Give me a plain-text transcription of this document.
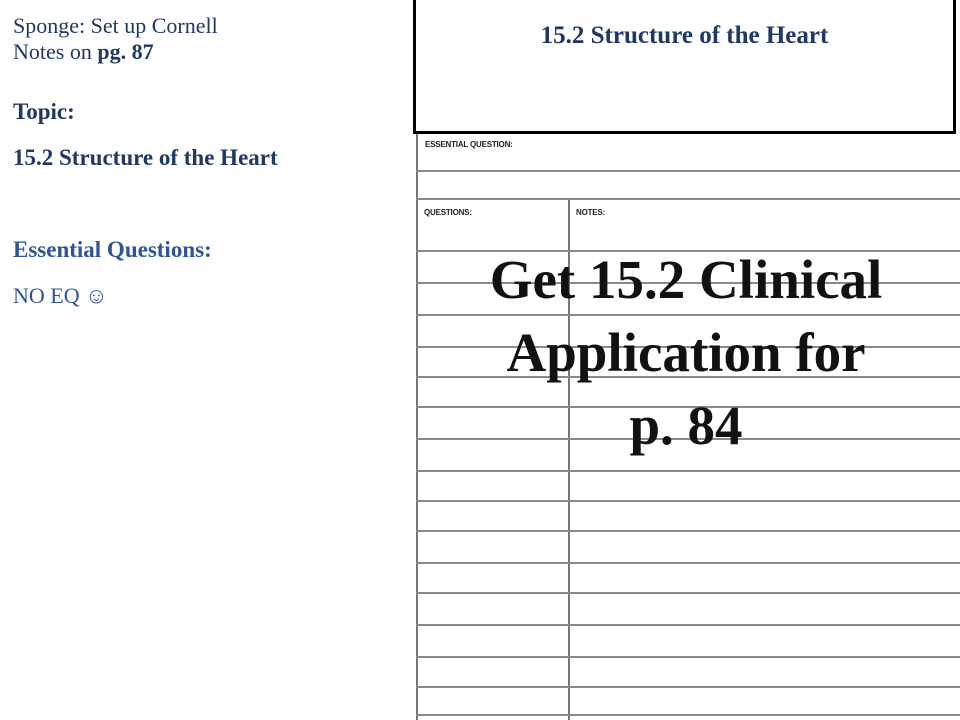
Sponge: Set up Cornell
Notes on pg. 87
Topic:
15.2 Structure of the Heart
Essential Questions:
NO EQ ☺
ESSENTIAL QUESTION:
QUESTIONS:	NOTES:
15.2 Structure of the Heart
Get 15.2 Clinical
Application for
p. 84
